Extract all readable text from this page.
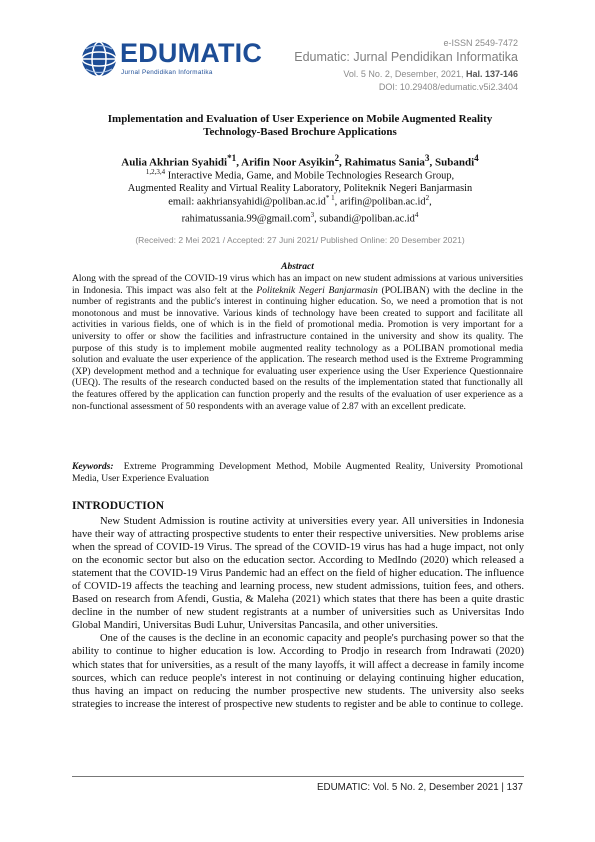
EDUMATIC
Jurnal Pendidikan Informatika
e-ISSN 2549-7472
Edumatic: Jurnal Pendidikan Informatika
Vol. 5 No. 2, Desember, 2021, Hal. 137-146
DOI: 10.29408/edumatic.v5i2.3404
Implementation and Evaluation of User Experience on Mobile Augmented Reality
Technology-Based Brochure Applications
Aulia Akhrian Syahidi$^{*1}$, Arifin Noor Asyikin$^2$, Rahimatus Sania$^3$, Subandi$^4$
$^{1,2,3,4}$ Interactive Media, Game, and Mobile Technologies Research Group,
Augmented Reality and Virtual Reality Laboratory, Politeknik Negeri Banjarmasin
email: $aakhriansyahidi@poliban.ac.id^{* 1}$, $arifin@poliban.ac.id^2$,
rahimatussania.99@gmail.com$^3$, $subandi@poliban.ac.id^4$
(Received: 2 Mei 2021 / Accepted: 27 Juni 2021/ Published Online: 20 Desember 2021)
Abstract
Along with the spread of the COVID-19 virus which has an impact on new student admissions at various universities in Indonesia. This impact was also felt at the Politeknik Negeri Banjarmasin (POLIBAN) with the decline in the number of registrants and the public's interest in continuing higher education. So, we need a promotion that is not monotonous and must be innovative. Various kinds of technology have been created to support and facilitate all activities in various fields, one of which is in the field of promotional media. Promotion is very important for a university to offer or show the facilities and infrastructure contained in the university and show its quality. The purpose of this study is to implement mobile augmented reality technology as a POLIBAN promotional media solution and evaluate the user experience of the application. The research method used is the Extreme Programming (XP) development method and a technique for evaluating user experience using the User Experience Questionnaire (UEQ). The results of the research conducted based on the results of the implementation stated that functionally all the features offered by the application can function properly and the results of the evaluation of user experience as a non-functional assessment of 50 respondents with an average value of 2.87 with an excellent predicate.
Keywords: Extreme Programming Development Method, Mobile Augmented Reality, University Promotional Media, User Experience Evaluation
INTRODUCTION

New Student Admission is routine activity at universities every year. All universities in Indonesia have their way of attracting prospective students to enter their respective universities. New problems arise when the spread of COVID-19 Virus. The spread of the COVID-19 virus has had a huge impact, not only on the economic sector but also on the education sector. According to MedIndo (2020) which released a statement that the COVID-19 Virus Pandemic had an effect on the field of higher education. The influence of COVID-19 affects the teaching and learning process, new student admissions, tuition fees, and others. Based on research from Afendi, Gustia, & Maleha (2021) which states that there has been a quite drastic decline in the number of new student registrants at a number of universities such as Universitas Indo Global Mandiri, Universitas Budi Luhur, Universitas Pancasila, and other universities.

One of the causes is the decline in an economic capacity and people's purchasing power so that the ability to continue to higher education is low. According to Prodjo in research from Indrawati (2020) which states that for universities, as a result of the many layoffs, it will affect a decrease in family income sources, which can reduce people's interest in not continuing or delaying continuing higher education, thus having an impact on reducing the number prospective new students. The university also seeks strategies to increase the interest of prospective new students to register and be able to continue to college.

EDUMATIC: Vol. 5 No. 2, Desember 2021 | 137
